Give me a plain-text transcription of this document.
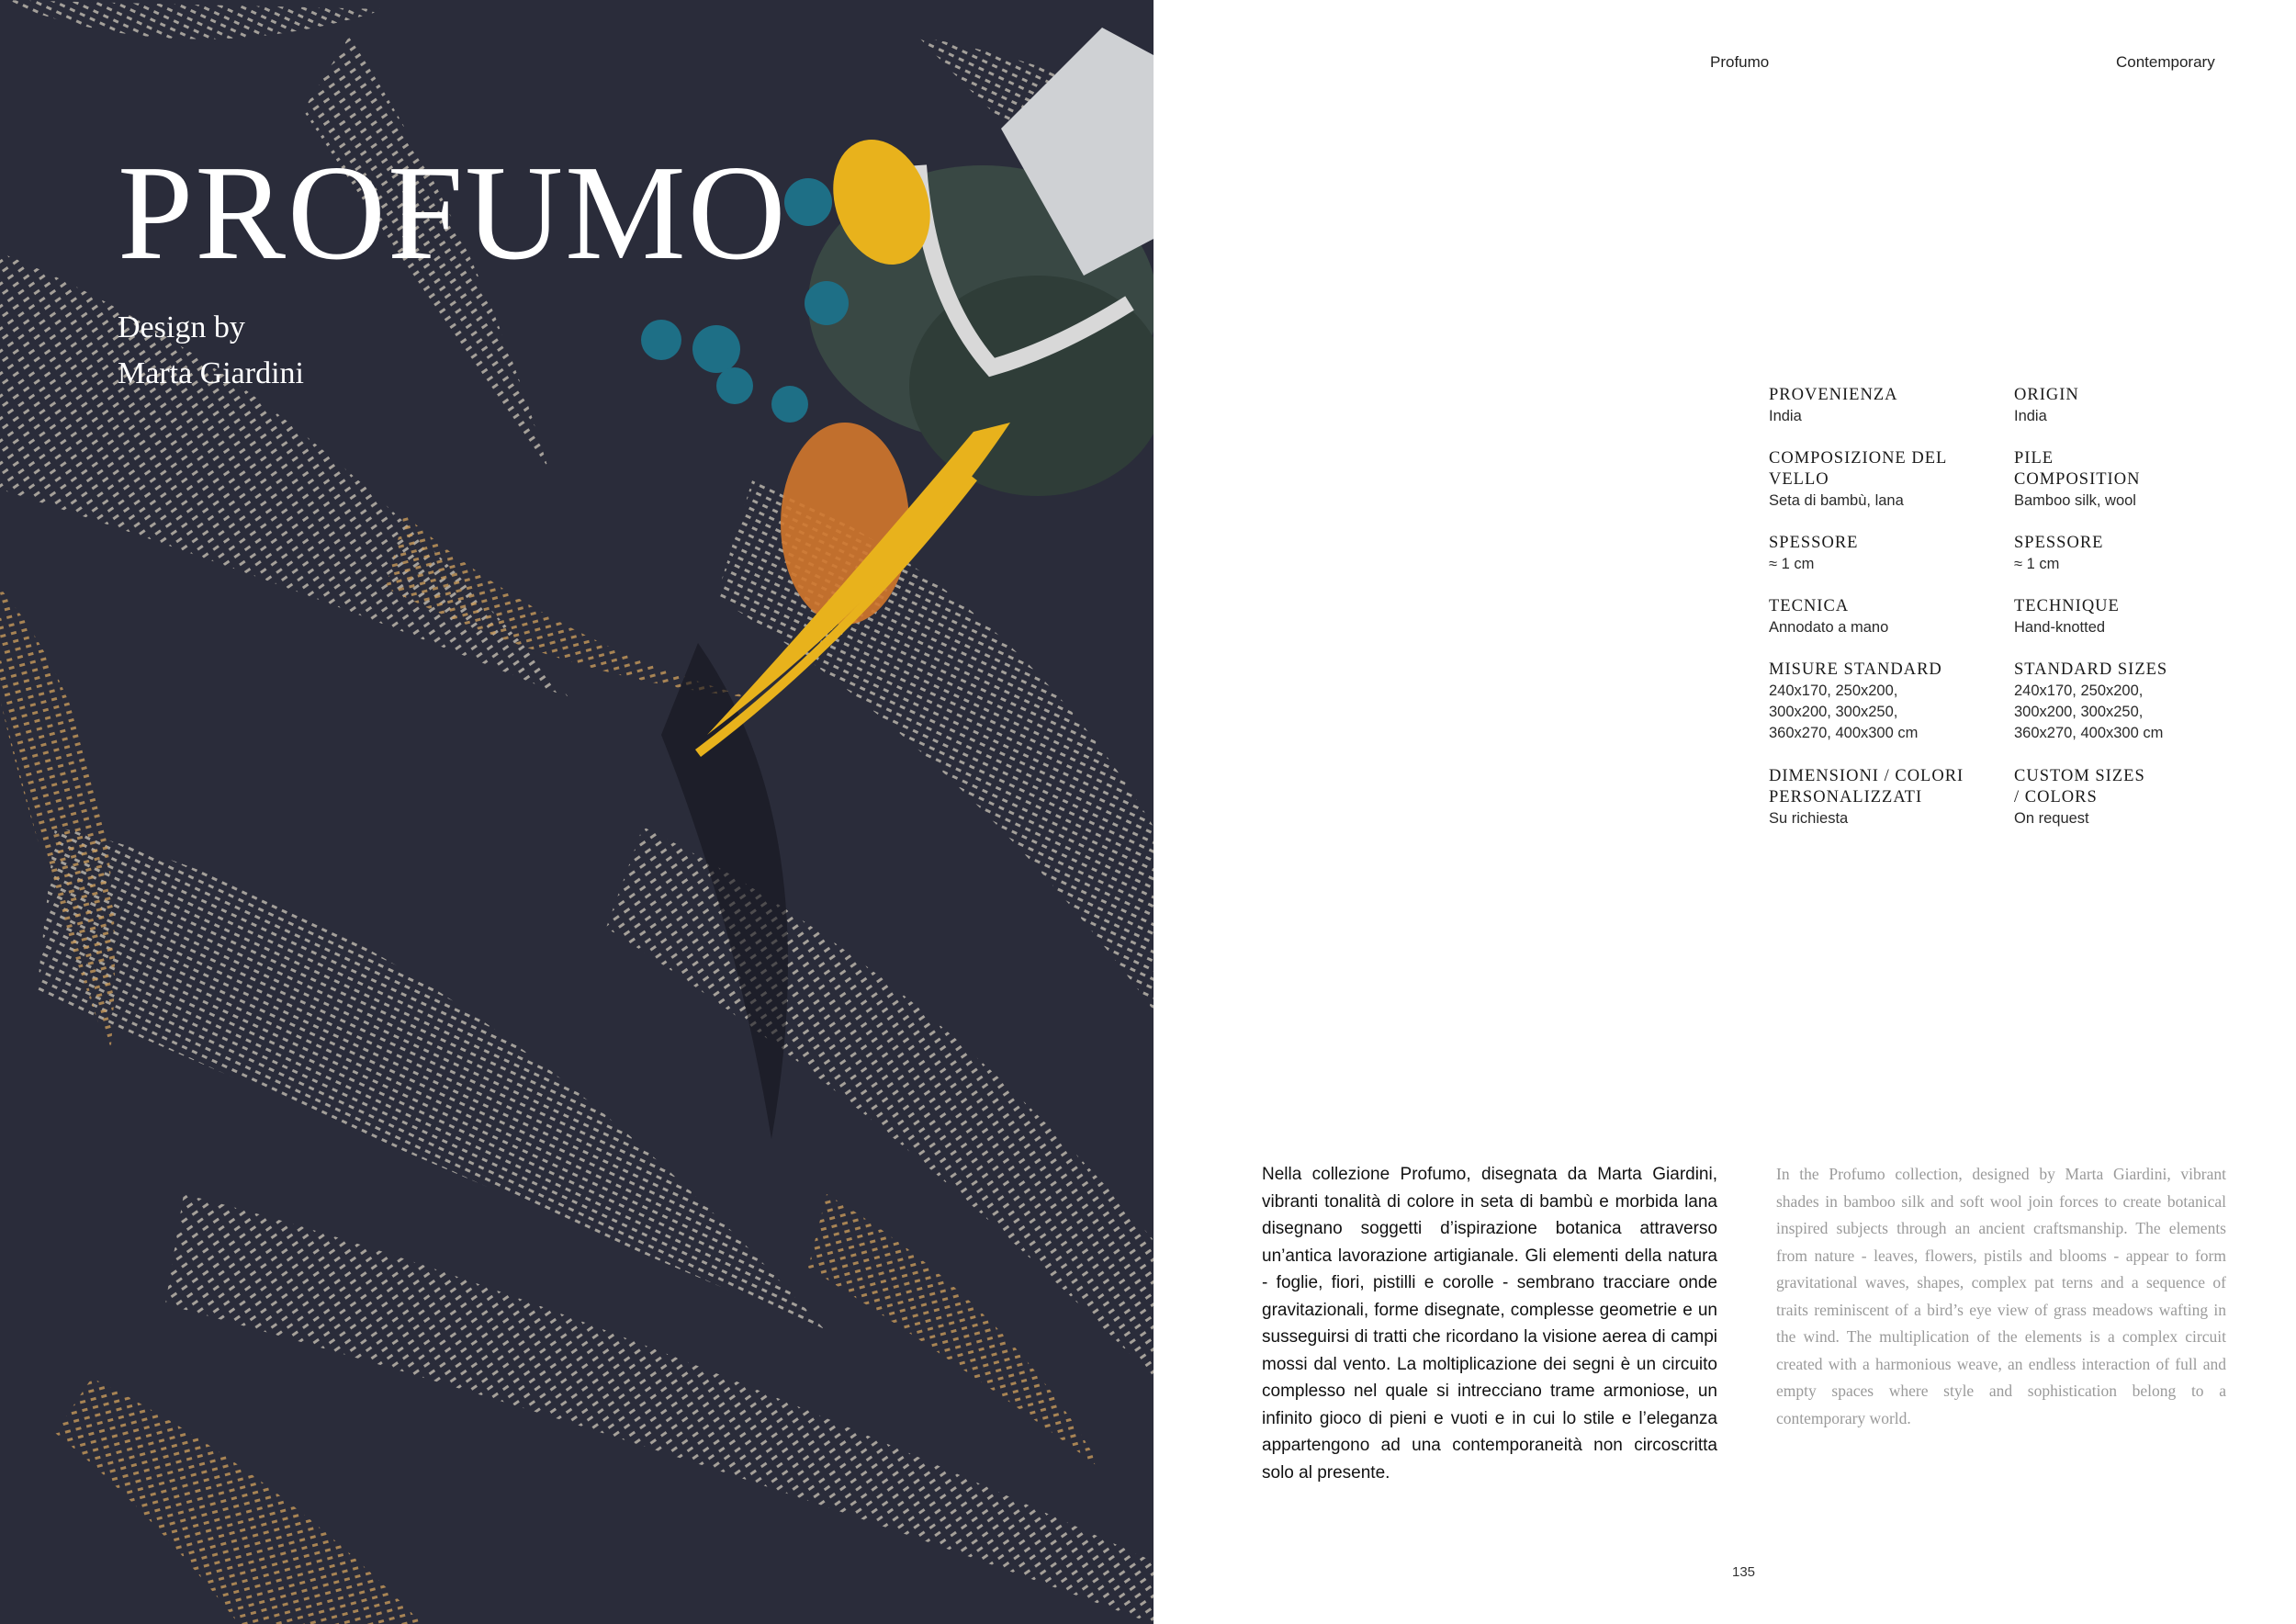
PROFUMO
Design by
Marta Giardini
Profumo	Contemporary
PROVENIENZA
India
COMPOSIZIONE DEL
VELLO
Seta di bambù, lana
SPESSORE
≈ 1 cm
TECNICA
Annodato a mano
MISURE STANDARD
240x170, 250x200,
300x200, 300x250,
360x270, 400x300 cm
DIMENSIONI / COLORI
PERSONALIZZATI
Su richiesta
ORIGIN
India
PILE
COMPOSITION
Bamboo silk, wool
SPESSORE
≈ 1 cm
TECHNIQUE
Hand-knotted
STANDARD SIZES
240x170, 250x200,
300x200, 300x250,
360x270, 400x300 cm
CUSTOM SIZES
/ COLORS
On request

Nella collezione Profumo, disegnata da Marta Giardini, vibranti tonalità di colore in seta di bambù e morbida lana disegnano soggetti d’ispirazione botanica attraverso un’antica lavorazione artigianale. Gli elementi della natura - foglie, fiori, pistilli e corolle - sembrano tracciare onde gravitazionali, forme disegnate, complesse geometrie e un susseguirsi di tratti che ricordano la visione aerea di campi mossi dal vento. La moltiplicazione dei segni è un circuito complesso nel quale si intrecciano trame armoniose, un infinito gioco di pieni e vuoti e in cui lo stile e l’eleganza appartengono ad una contemporaneità non circoscritta solo al presente.

In the Profumo collection, designed by Marta Giardini, vibrant shades in bamboo silk and soft wool join forces to create botanical inspired subjects through an ancient craftsmanship. The elements from nature - leaves, flowers, pistils and blooms - appear to form gravitational waves, shapes, complex pat terns and a sequence of traits reminiscent of a bird’s eye view of grass meadows wafting in the wind. The multiplication of the elements is a complex circuit created with a harmonious weave, an endless interaction of full and empty spaces where style and sophistication belong to a contemporary world.

135
